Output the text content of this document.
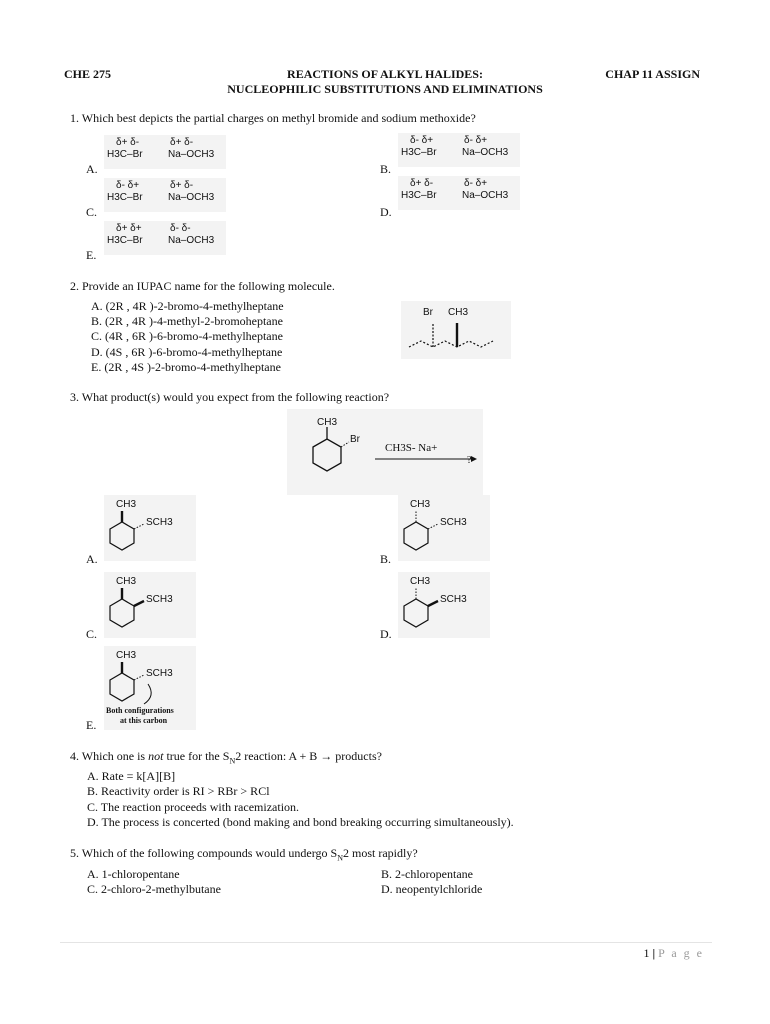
CHE 275	REACTIONS OF ALKYL HALIDES:
NUCLEOPHILIC SUBSTITUTIONS AND ELIMINATIONS
CHAP 11 ASSIGN
1. Which best depicts the partial charges on methyl bromide and sodium methoxide?
A.
δ+ δ-	δ+ δ-
H3C–Br	Na–OCH3
B.
δ- δ+	δ- δ+
H3C–Br	Na–OCH3
C.
δ- δ+	δ+ δ-
H3C–Br	Na–OCH3
D.
δ+ δ-	δ- δ+
H3C–Br	Na–OCH3
E.
δ+ δ+	δ- δ-
H3C–Br	Na–OCH3
2. Provide an IUPAC name for the following molecule.
A. (2R , 4R )-2-bromo-4-methylheptane
B. (2R , 4R )-4-methyl-2-bromoheptane
C. (4R , 6R )-6-bromo-4-methylheptane
D. (4S , 6R )-6-bromo-4-methylheptane
E. (2R , 4S )-2-bromo-4-methylheptane
Br CH3
3. What product(s) would you expect from the following reaction?
CH3
Br
CH3S- Na+
?
A.
CH3
SCH3
B.
CH3
SCH3
C.
CH3
SCH3
D.
CH3
SCH3
E.
CH3
SCH3
Both configurations
at this carbon
4. Which one is not true for the $S_N2$ reaction: A + B → products?
A. Rate = k[A][B]
B. Reactivity order is RI > RBr > RCl
C. The reaction proceeds with racemization.
D. The process is concerted (bond making and bond breaking occurring simultaneously).
5. Which of the following compounds would undergo $S_N2$ most rapidly?
A. 1-chloropentane	B. 2-chloropentane
C. 2-chloro-2-methylbutane	D. neopentylchloride
1 | P a g e
